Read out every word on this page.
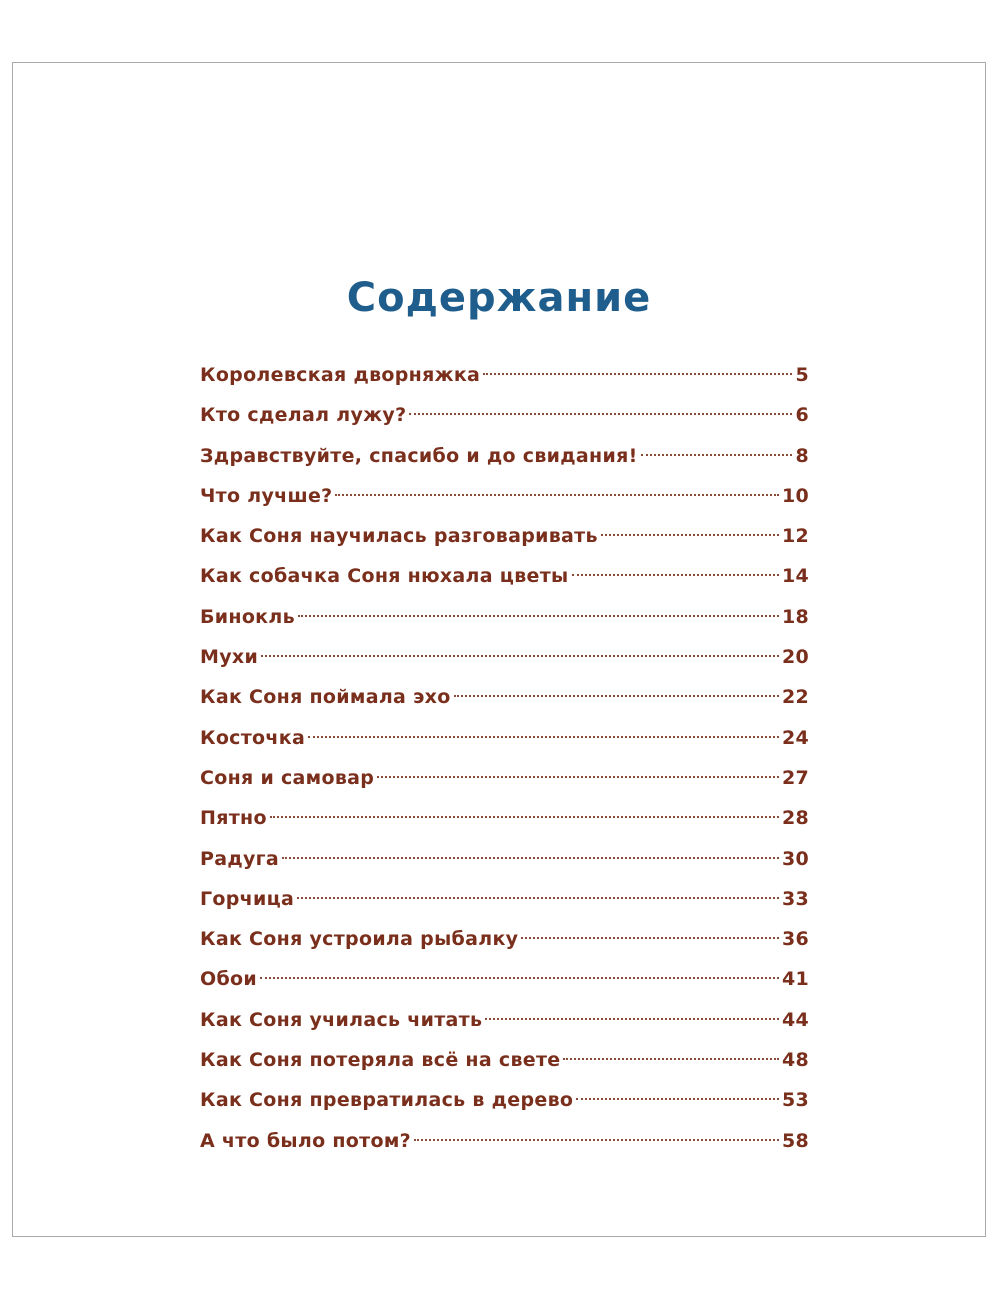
Содержание
Королевская дворняжка	5
Кто сделал лужу?	6
Здравствуйте, спасибо и до свидания!	8
Что лучше?	10
Как Соня научилась разговаривать	12
Как собачка Соня нюхала цветы	14
Бинокль	18
Мухи	20
Как Соня поймала эхо	22
Косточка	24
Соня и самовар	27
Пятно	28
Радуга	30
Горчица	33
Как Соня устроила рыбалку	36
Обои	41
Как Соня училась читать	44
Как Соня потеряла всё на свете	48
Как Соня превратилась в дерево	53
А что было потом?	58
